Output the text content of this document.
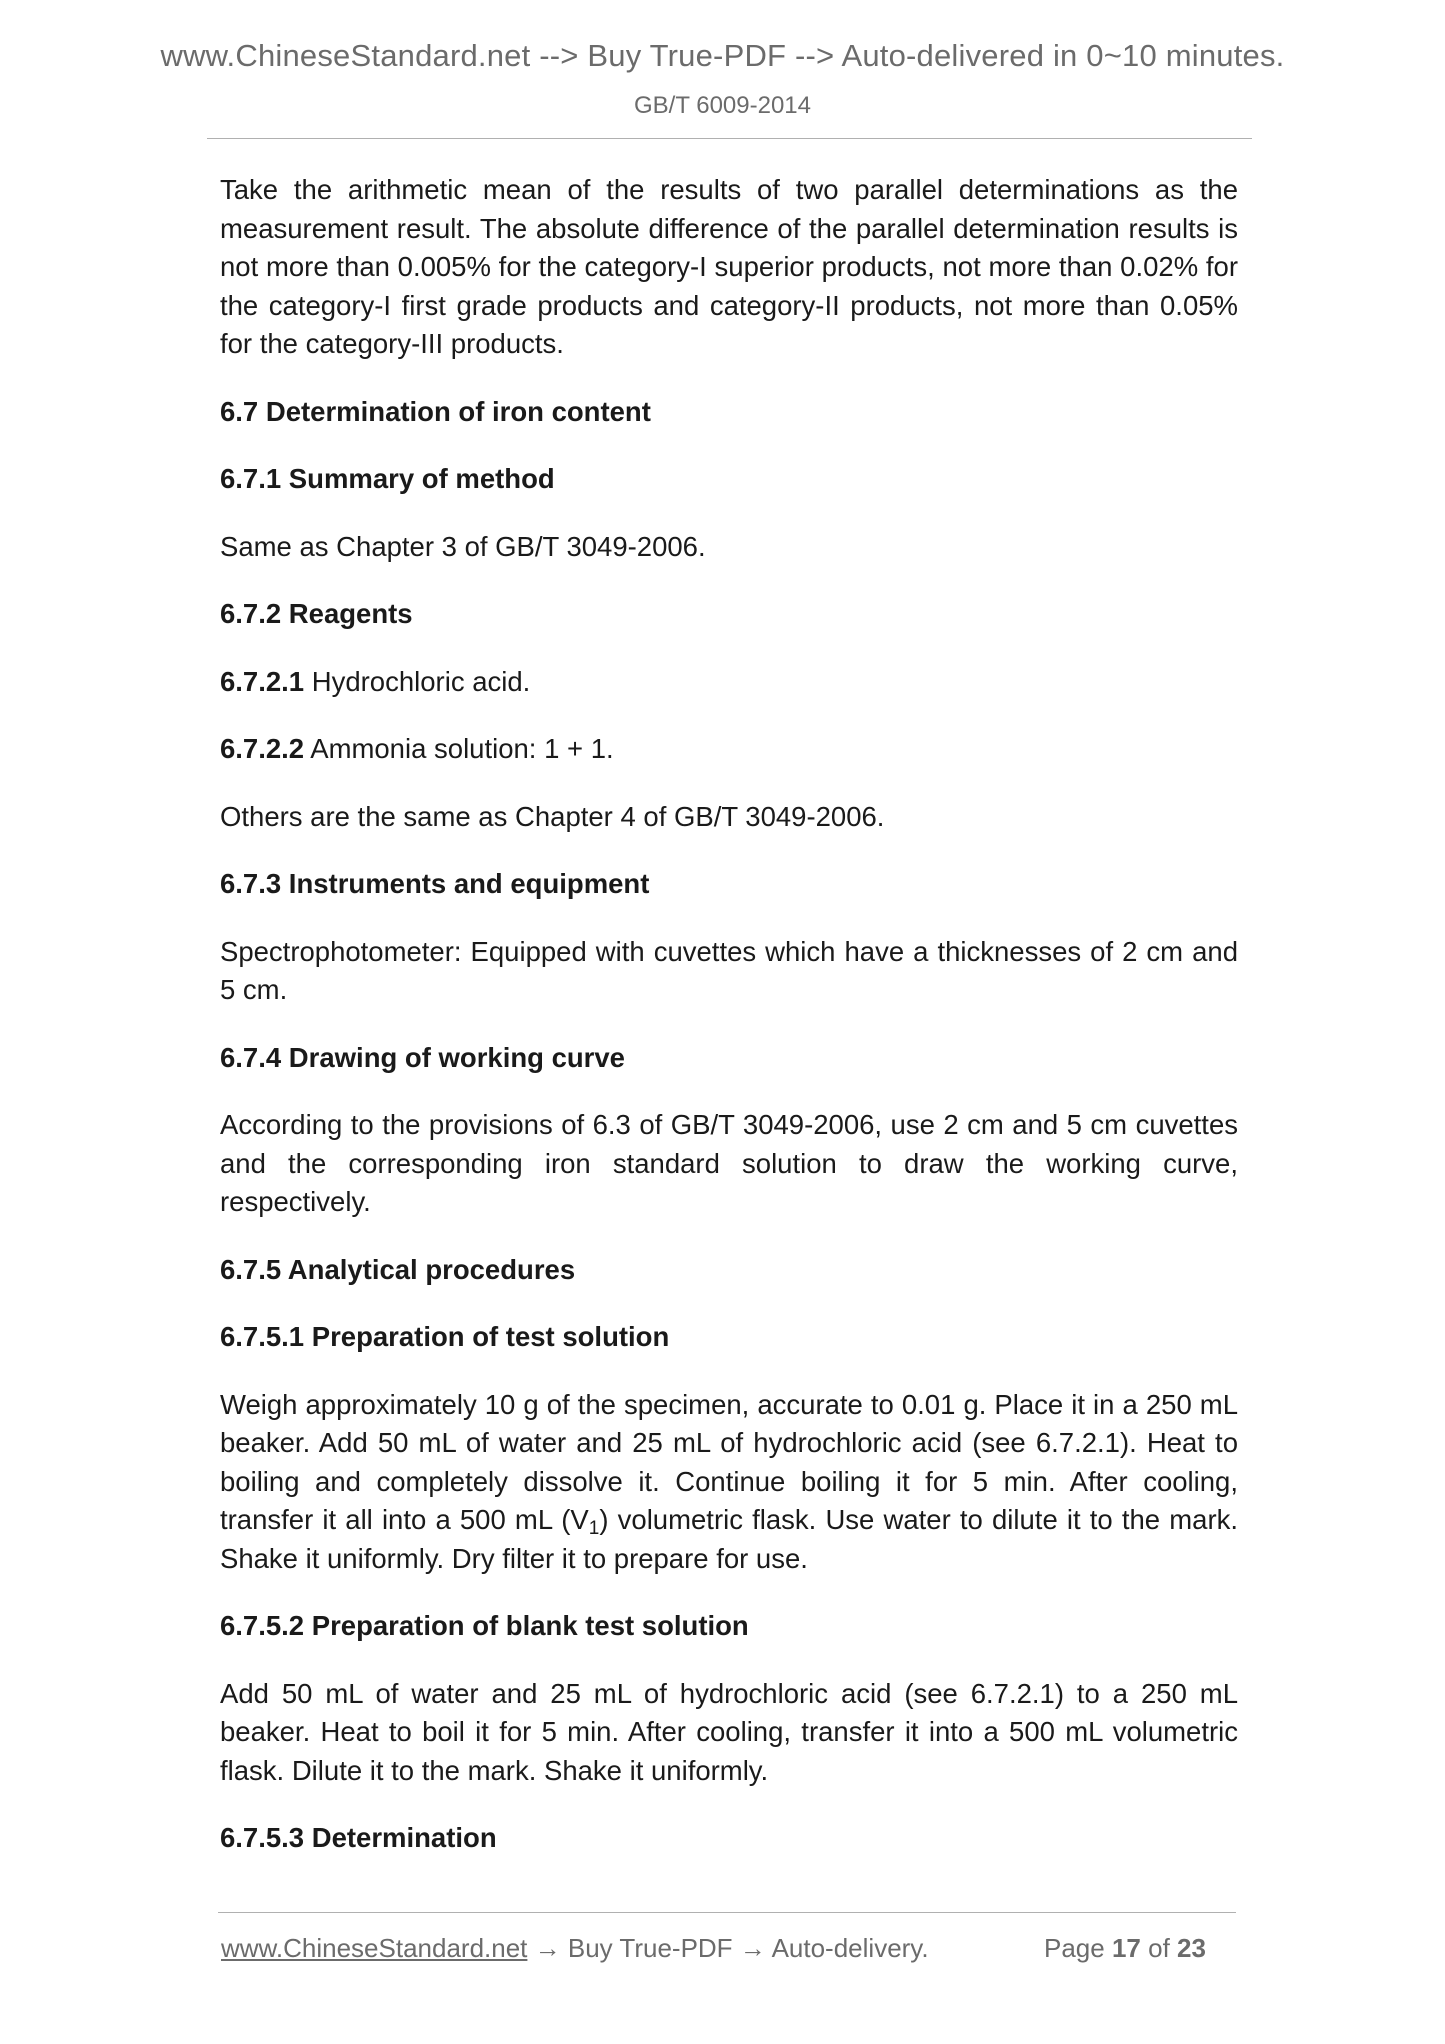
www.ChineseStandard.net --> Buy True-PDF --> Auto-delivered in 0~10 minutes.
GB/T 6009-2014

Take the arithmetic mean of the results of two parallel determinations as the measurement result. The absolute difference of the parallel determination results is not more than 0.005% for the category-I superior products, not more than 0.02% for the category-I first grade products and category-II products, not more than 0.05% for the category-III products.

6.7 Determination of iron content
6.7.1 Summary of method

Same as Chapter 3 of GB/T 3049-2006.

6.7.2 Reagents

6.7.2.1 Hydrochloric acid.

6.7.2.2 Ammonia solution: 1 + 1.

Others are the same as Chapter 4 of GB/T 3049-2006.

6.7.3 Instruments and equipment

Spectrophotometer: Equipped with cuvettes which have a thicknesses of 2 cm and 5 cm.

6.7.4 Drawing of working curve

According to the provisions of 6.3 of GB/T 3049-2006, use 2 cm and 5 cm cuvettes and the corresponding iron standard solution to draw the working curve, respectively.

6.7.5 Analytical procedures
6.7.5.1 Preparation of test solution

Weigh approximately 10 g of the specimen, accurate to 0.01 g. Place it in a 250 mL beaker. Add 50 mL of water and 25 mL of hydrochloric acid (see 6.7.2.1). Heat to boiling and completely dissolve it. Continue boiling it for 5 min. After cooling, transfer it all into a 500 mL $(V_1)$ volumetric flask. Use water to dilute it to the mark. Shake it uniformly. Dry filter it to prepare for use.

6.7.5.2 Preparation of blank test solution

Add 50 mL of water and 25 mL of hydrochloric acid (see 6.7.2.1) to a 250 mL beaker. Heat to boil it for 5 min. After cooling, transfer it into a 500 mL volumetric flask. Dilute it to the mark. Shake it uniformly.

6.7.5.3 Determination
www.ChineseStandard.net → Buy True-PDF → Auto-delivery.	Page 17 of 23
